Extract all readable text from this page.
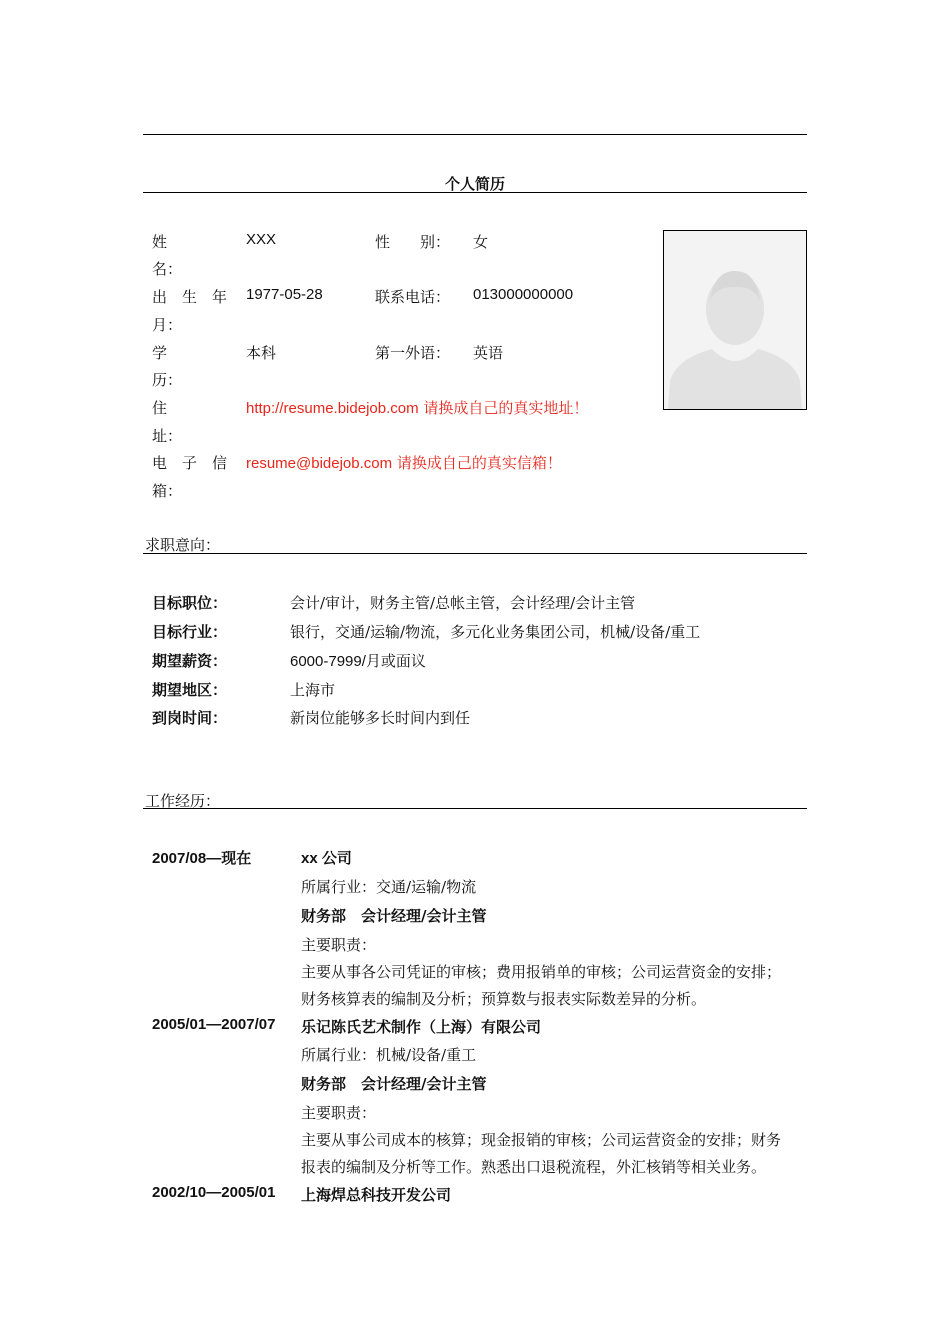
个人简历
姓
名：
XXX	性　　别： 女
出　生　年
月：
1977-05-28	联系电话： 013000000000
学
历：
本科	第一外语： 英语
住
址：
http://resume.bidejob.com 请换成自己的真实地址！
电　子　信
箱：
resume@bidejob.com 请换成自己的真实信箱！
求职意向：
目标职位：	会计/审计，财务主管/总帐主管，会计经理/会计主管
目标行业：	银行，交通/运输/物流，多元化业务集团公司，机械/设备/重工
期望薪资：	6000-7999/月或面议
期望地区：	上海市
到岗时间：	新岗位能够多长时间内到任
工作经历：
2007/08—现在	xx 公司
所属行业：交通/运输/物流
财务部　会计经理/会计主管
主要职责：
主要从事各公司凭证的审核；费用报销单的审核；公司运营资金的安排；
财务核算表的编制及分析；预算数与报表实际数差异的分析。
2005/01—2007/07 乐记陈氏艺术制作（上海）有限公司
所属行业：机械/设备/重工
财务部　会计经理/会计主管
主要职责：
主要从事公司成本的核算；现金报销的审核；公司运营资金的安排；财务
报表的编制及分析等工作。熟悉出口退税流程，外汇核销等相关业务。
2002/10—2005/01 上海焊总科技开发公司
